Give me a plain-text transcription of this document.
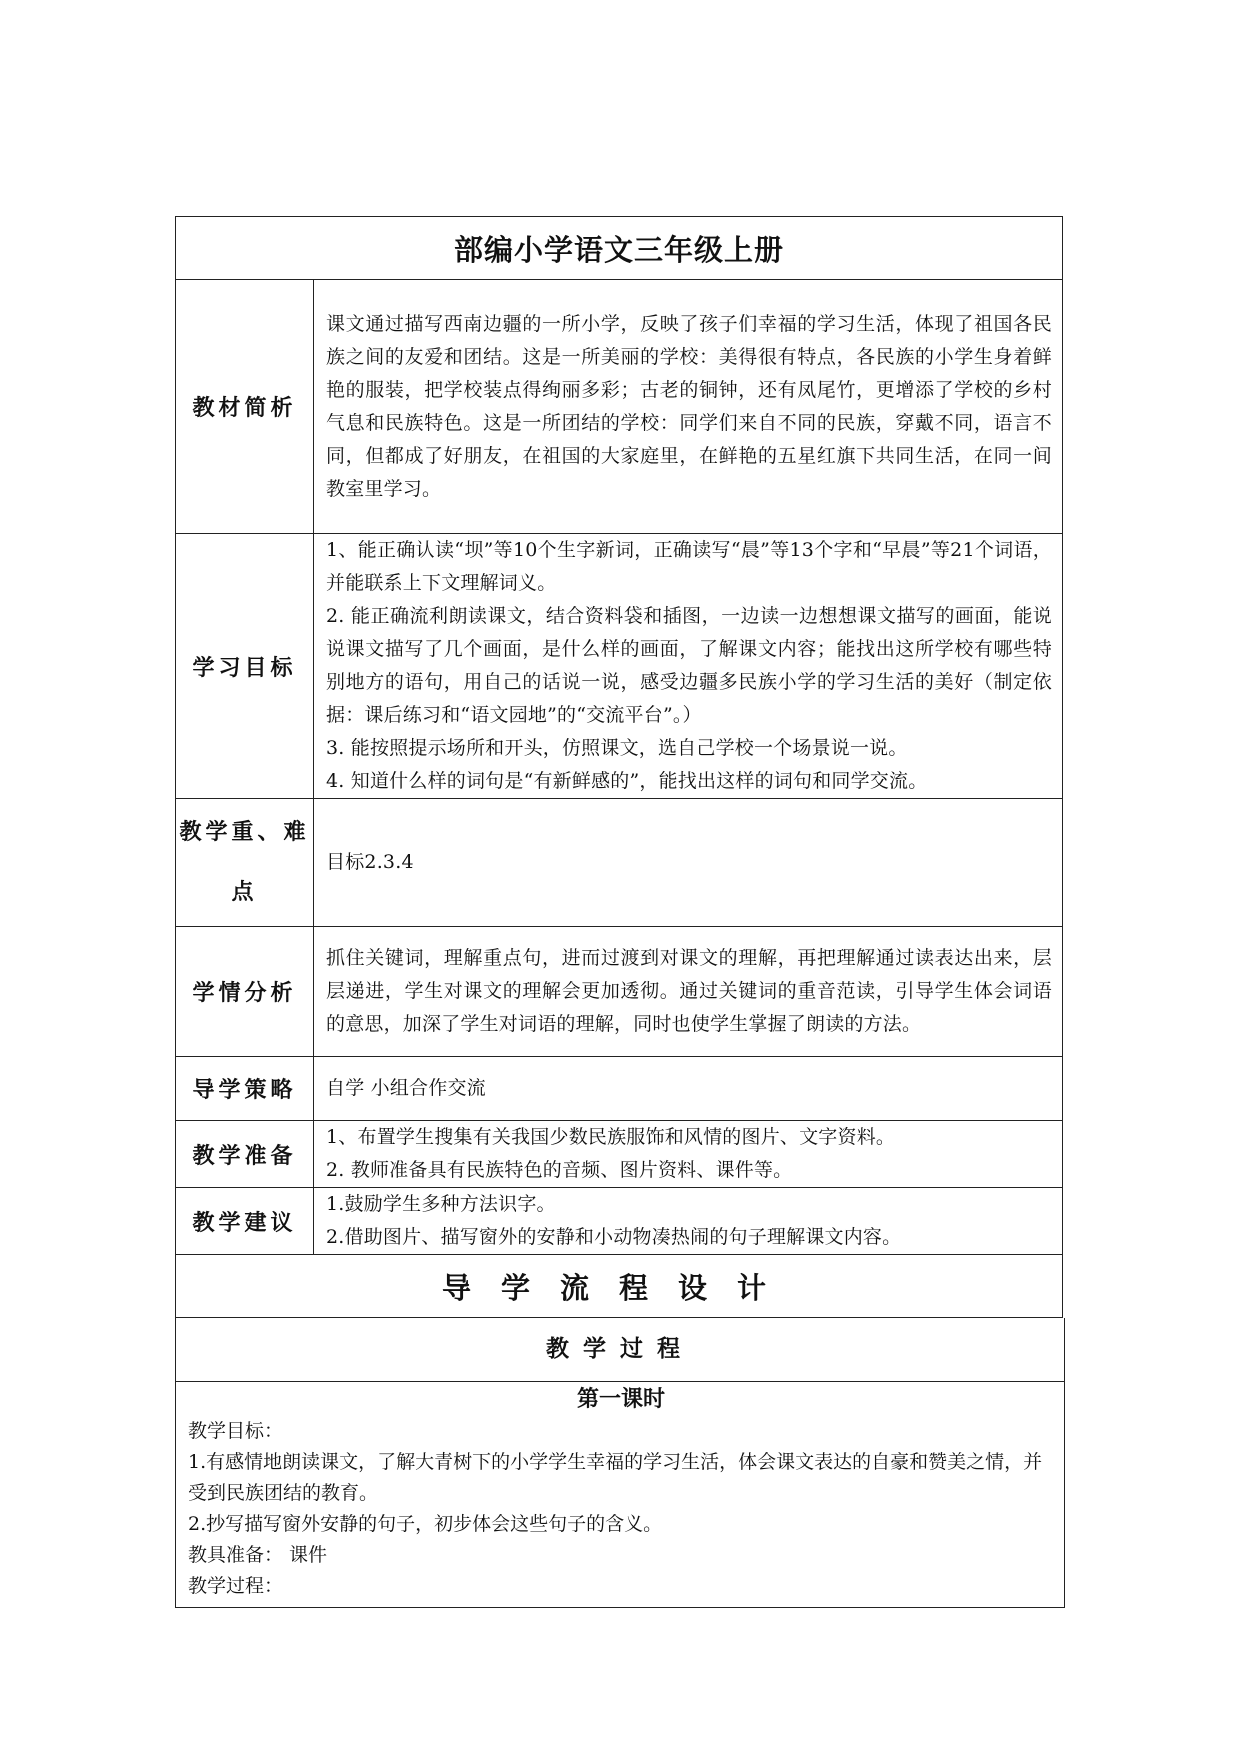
部编小学语文三年级上册	
教材简析	课文通过描写西南边疆的一所小学，反映了孩子们幸福的学习生活，体现了祖国各民族之间的友爱和团结。这是一所美丽的学校：美得很有特点，各民族的小学生身着鲜艳的服装，把学校装点得绚丽多彩；古老的铜钟，还有凤尾竹，更增添了学校的乡村气息和民族特色。这是一所团结的学校：同学们来自不同的民族，穿戴不同，语言不同，但都成了好朋友，在祖国的大家庭里，在鲜艳的五星红旗下共同生活，在同一间教室里学习。

学习目标	1、能正确认读“坝”等10个生字新词，正确读写“晨”等13个字和“早晨”等21个词语，并能联系上下文理解词义。

2. 能正确流利朗读课文，结合资料袋和插图，一边读一边想想课文描写的画面，能说说课文描写了几个画面，是什么样的画面，了解课文内容；能找出这所学校有哪些特别地方的语句，用自己的话说一说，感受边疆多民族小学的学习生活的美好（制定依据：课后练习和“语文园地”的“交流平台”。）

3. 能按照提示场所和开头，仿照课文，选自己学校一个场景说一说。

4. 知道什么样的词句是“有新鲜感的”，能找出这样的词句和同学交流。

教学重、难
点	目标2.3.4

学情分析	抓住关键词，理解重点句，进而过渡到对课文的理解，再把理解通过读表达出来，层层递进，学生对课文的理解会更加透彻。通过关键词的重音范读，引导学生体会词语的意思，加深了学生对词语的理解，同时也使学生掌握了朗读的方法。

导学策略	自学 小组合作交流

教学准备	1、布置学生搜集有关我国少数民族服饰和风情的图片、文字资料。

2. 教师准备具有民族特色的音频、图片资料、课件等。

教学建议	1.鼓励学生多种方法识字。

2.借助图片、描写窗外的安静和小动物凑热闹的句子理解课文内容。

导学流程设计	
教学过程
第一课时

教学目标：

1.有感情地朗读课文，了解大青树下的小学学生幸福的学习生活，体会课文表达的自豪和赞美之情，并受到民族团结的教育。

2.抄写描写窗外安静的句子，初步体会这些句子的含义。

教具准备： 课件

教学过程：
